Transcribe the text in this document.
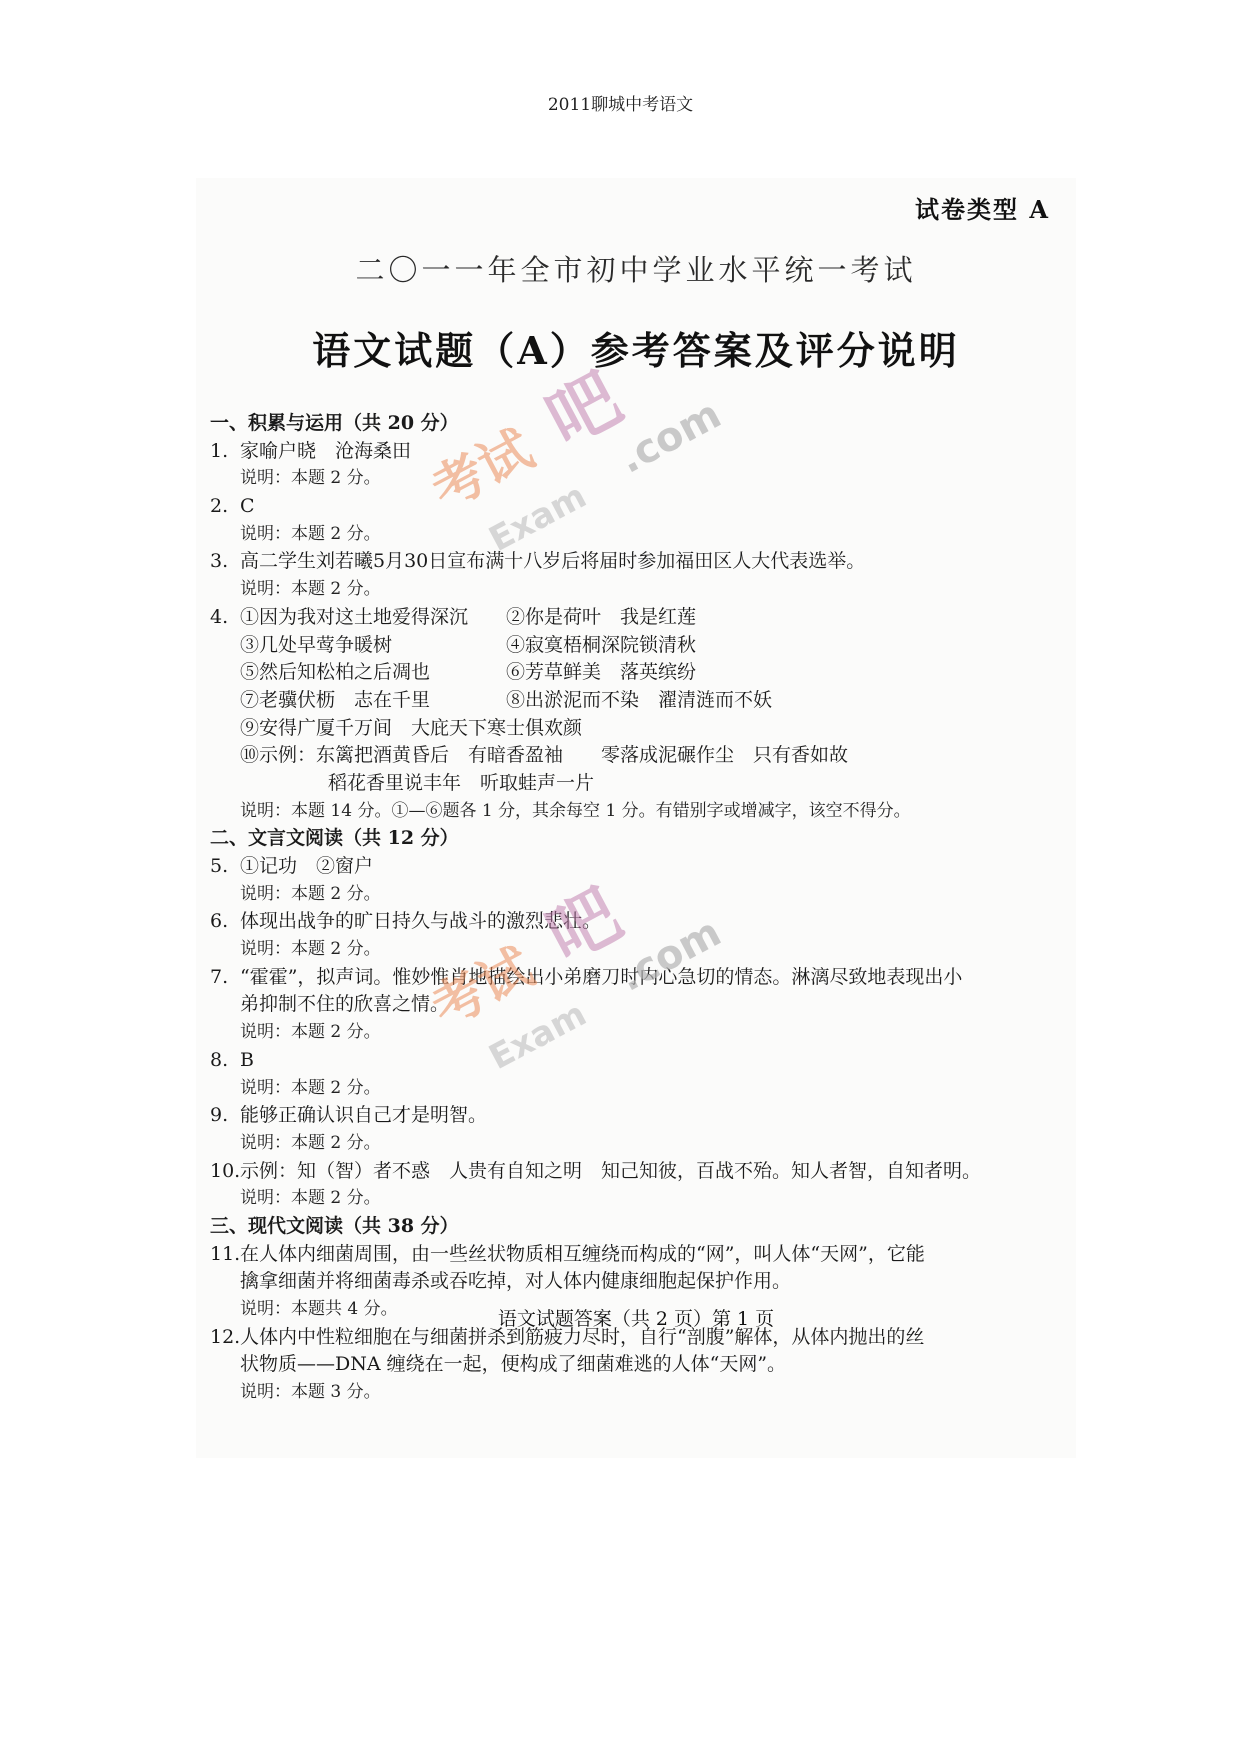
2011聊城中考语文
试卷类型 A
二〇一一年全市初中学业水平统一考试
语文试题（A）参考答案及评分说明
一、积累与运用（共 20 分）
1. 家喻户晓　沧海桑田
说明：本题 2 分。
2. C
说明：本题 2 分。
3. 高二学生刘若曦5月30日宣布满十八岁后将届时参加福田区人大代表选举。
说明：本题 2 分。
4. ①因为我对这土地爱得深沉　　②你是荷叶　我是红莲
③几处早莺争暖树　　　　　　④寂寞梧桐深院锁清秋
⑤然后知松柏之后凋也　　　　⑥芳草鲜美　落英缤纷
⑦老骥伏枥　志在千里　　　　⑧出淤泥而不染　濯清涟而不妖
⑨安得广厦千万间　大庇天下寒士俱欢颜
⑩示例：东篱把酒黄昏后　有暗香盈袖　　零落成泥碾作尘　只有香如故
稻花香里说丰年　听取蛙声一片
说明：本题 14 分。①—⑥题各 1 分，其余每空 1 分。有错别字或增减字，该空不得分。
二、文言文阅读（共 12 分）
5. ①记功　②窗户
说明：本题 2 分。
6. 体现出战争的旷日持久与战斗的激烈悲壮。
说明：本题 2 分。
7. “霍霍”，拟声词。惟妙惟肖地描绘出小弟磨刀时内心急切的情态。淋漓尽致地表现出小
弟抑制不住的欣喜之情。
说明：本题 2 分。
8. B
说明：本题 2 分。
9. 能够正确认识自己才是明智。
说明：本题 2 分。
10.示例：知（智）者不惑　人贵有自知之明　知己知彼，百战不殆。知人者智，自知者明。
说明：本题 2 分。
三、现代文阅读（共 38 分）
11.在人体内细菌周围，由一些丝状物质相互缠绕而构成的“网”，叫人体“天网”，它能
擒拿细菌并将细菌毒杀或吞吃掉，对人体内健康细胞起保护作用。
说明：本题共 4 分。
12.人体内中性粒细胞在与细菌拼杀到筋疲力尽时，自行“剖腹”解体，从体内抛出的丝
状物质——DNA 缠绕在一起，便构成了细菌难逃的人体“天网”。
说明：本题 3 分。
吧
考试 .com
Exam
吧
考试 .com
Exam
语文试题答案（共 2 页）第 1 页
